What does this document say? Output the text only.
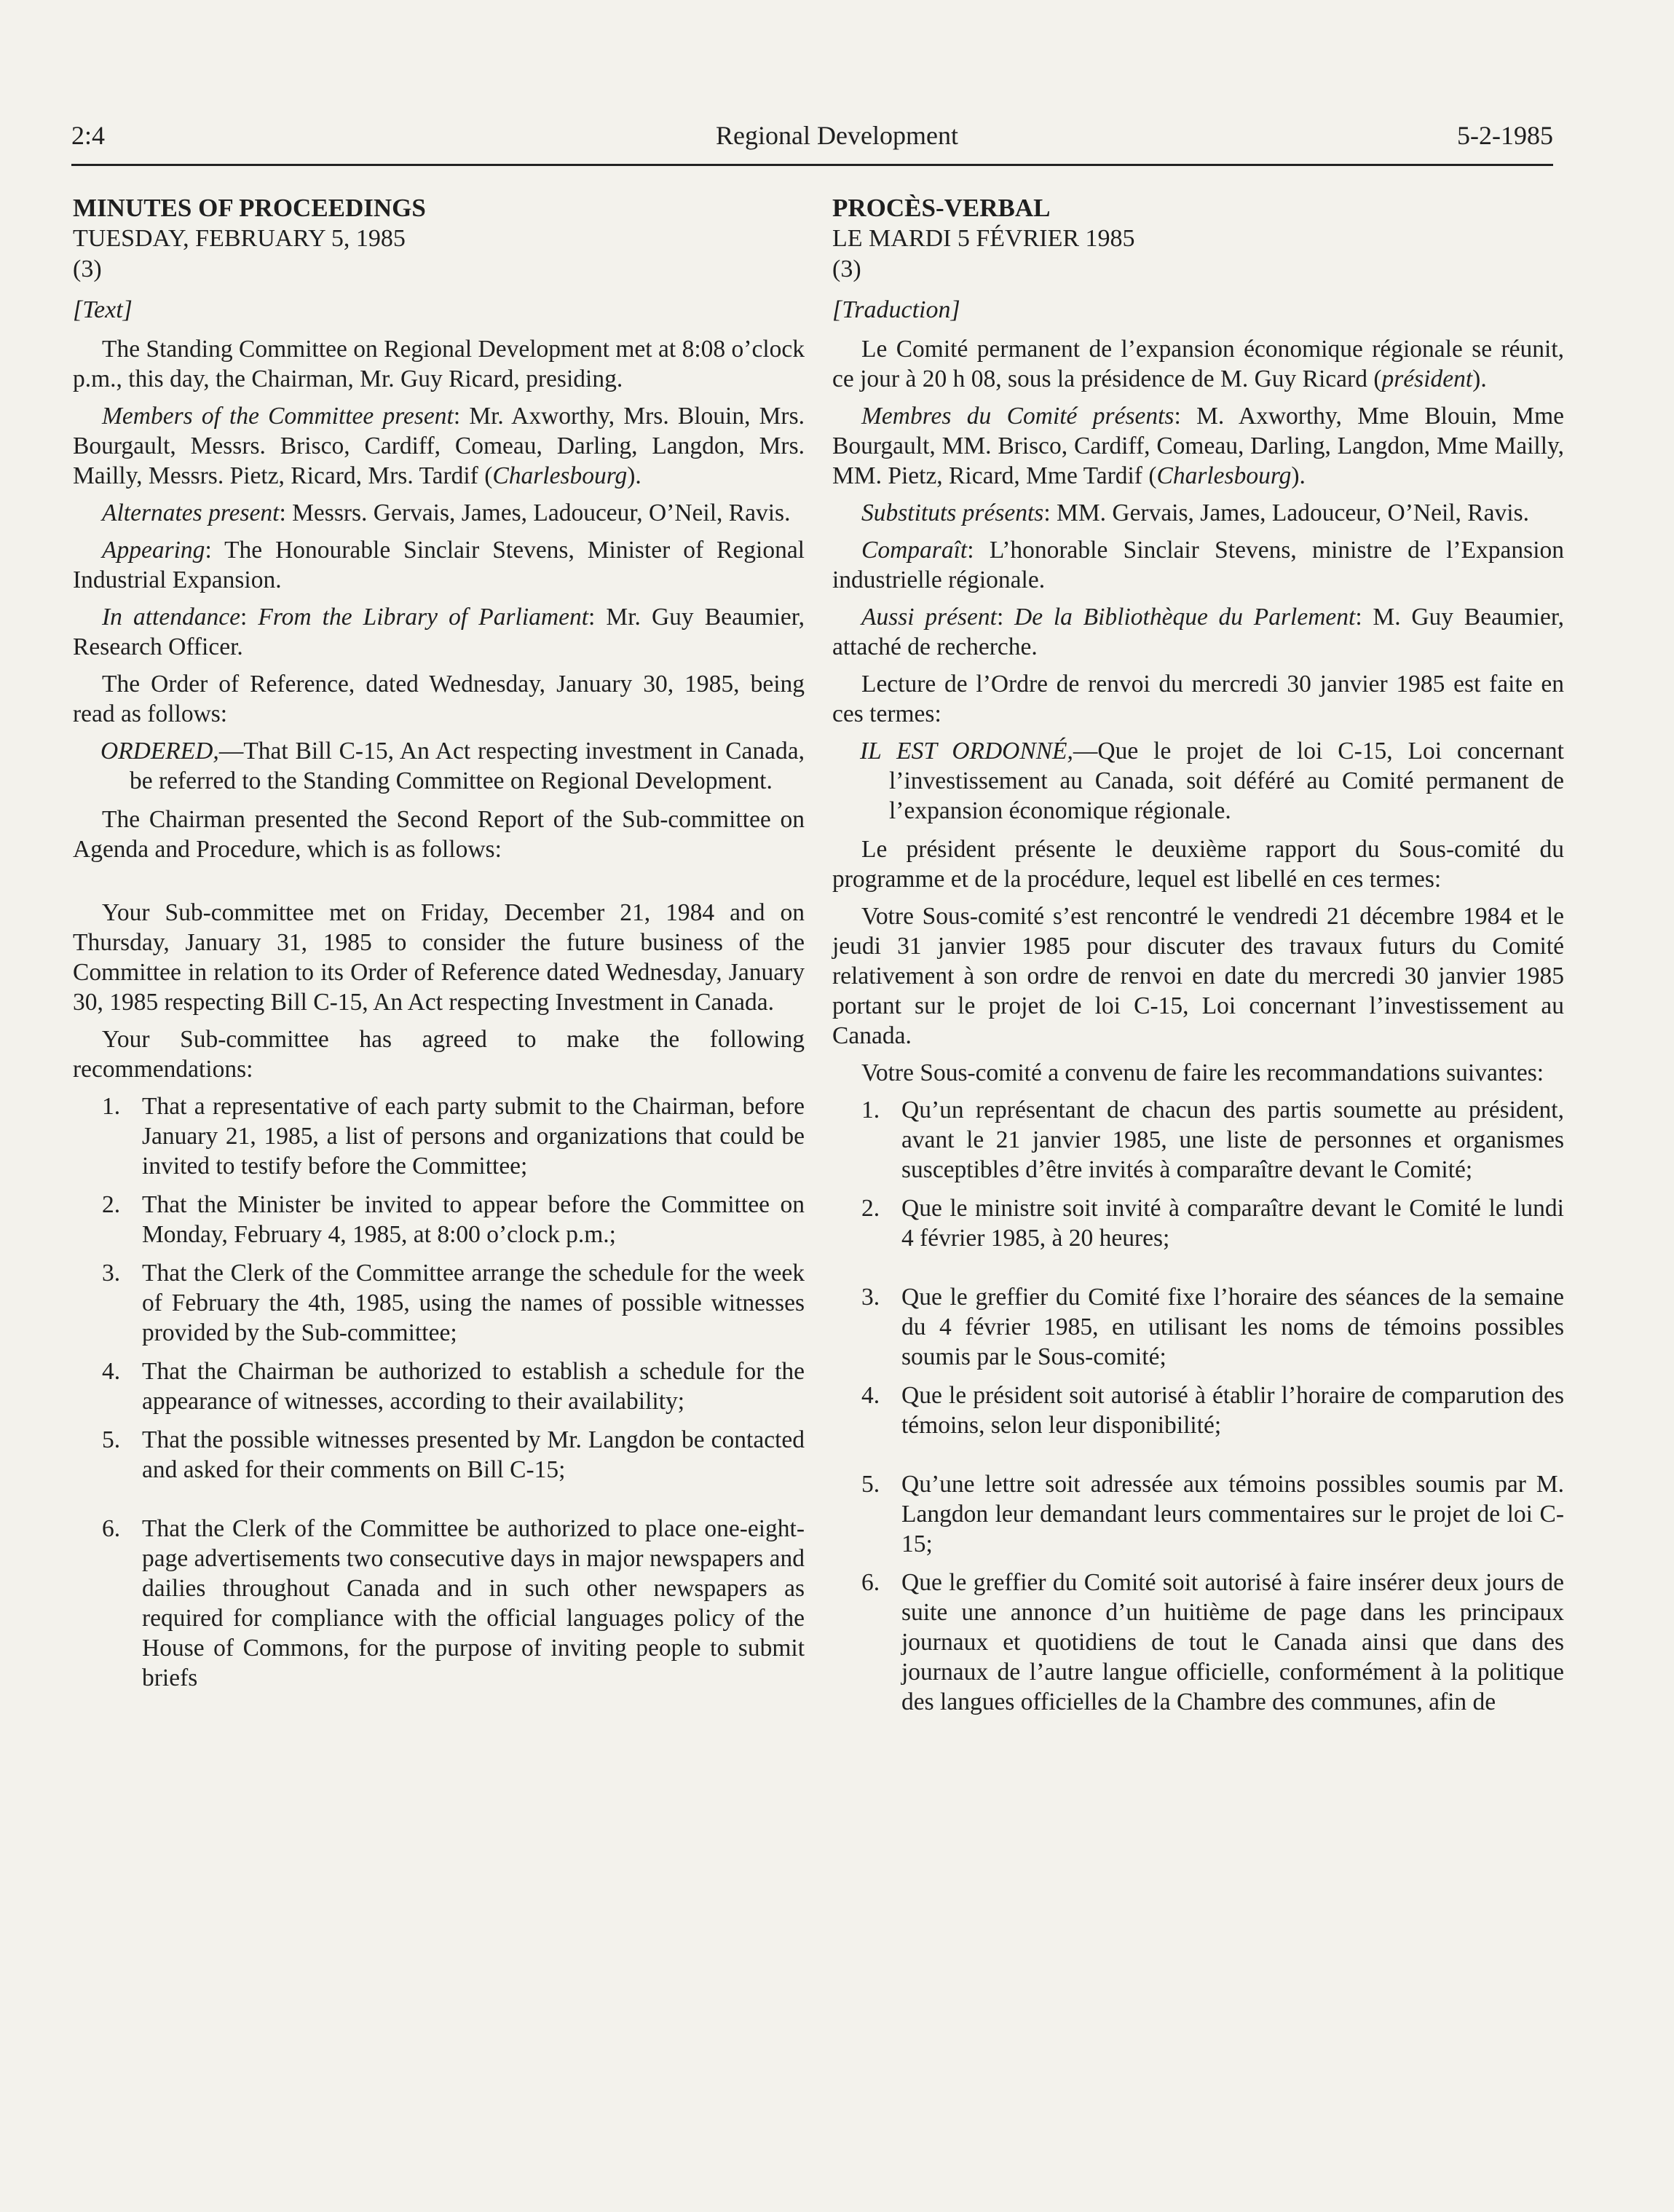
2:4	Regional Development	5-2-1985
MINUTES OF PROCEEDINGS
TUESDAY, FEBRUARY 5, 1985
(3)
[Text]

The Standing Committee on Regional Development met at 8:08 o’clock p.m., this day, the Chairman, Mr. Guy Ricard, presiding.

Members of the Committee present: Mr. Axworthy, Mrs. Blouin, Mrs. Bourgault, Messrs. Brisco, Cardiff, Comeau, Darling, Langdon, Mrs. Mailly, Messrs. Pietz, Ricard, Mrs. Tardif (Charlesbourg).

Alternates present: Messrs. Gervais, James, Ladouceur, O’Neil, Ravis.

Appearing: The Honourable Sinclair Stevens, Minister of Regional Industrial Expansion.

In attendance: From the Library of Parliament: Mr. Guy Beaumier, Research Officer.

The Order of Reference, dated Wednesday, January 30, 1985, being read as follows:

ORDERED,—That Bill C-15, An Act respecting investment in Canada, be referred to the Standing Committee on Regional Development.

The Chairman presented the Second Report of the Sub-committee on Agenda and Procedure, which is as follows:

Your Sub-committee met on Friday, December 21, 1984 and on Thursday, January 31, 1985 to consider the future business of the Committee in relation to its Order of Reference dated Wednesday, January 30, 1985 respecting Bill C-15, An Act respecting Investment in Canada.

Your Sub-committee has agreed to make the following recommendations:

1. That a representative of each party submit to the Chairman, before January 21, 1985, a list of persons and organizations that could be invited to testify before the Committee;
2. That the Minister be invited to appear before the Committee on Monday, February 4, 1985, at 8:00 o’clock p.m.;
3. That the Clerk of the Committee arrange the schedule for the week of February the 4th, 1985, using the names of possible witnesses provided by the Sub-committee;
4. That the Chairman be authorized to establish a schedule for the appearance of witnesses, according to their availability;
5. That the possible witnesses presented by Mr. Langdon be contacted and asked for their comments on Bill C-15;
6. That the Clerk of the Committee be authorized to place one-eight-page advertisements two consecutive days in major newspapers and dailies throughout Canada and in such other newspapers as required for compliance with the official languages policy of the House of Commons, for the purpose of inviting people to submit briefs
PROCÈS-VERBAL
LE MARDI 5 FÉVRIER 1985
(3)
[Traduction]

Le Comité permanent de l’expansion économique régionale se réunit, ce jour à 20 h 08, sous la présidence de M. Guy Ricard (président).

Membres du Comité présents: M. Axworthy, Mme Blouin, Mme Bourgault, MM. Brisco, Cardiff, Comeau, Darling, Langdon, Mme Mailly, MM. Pietz, Ricard, Mme Tardif (Charlesbourg).

Substituts présents: MM. Gervais, James, Ladouceur, O’Neil, Ravis.

Comparaît: L’honorable Sinclair Stevens, ministre de l’Expansion industrielle régionale.

Aussi présent: De la Bibliothèque du Parlement: M. Guy Beaumier, attaché de recherche.

Lecture de l’Ordre de renvoi du mercredi 30 janvier 1985 est faite en ces termes:

IL EST ORDONNÉ,—Que le projet de loi C-15, Loi concernant l’investissement au Canada, soit déféré au Comité permanent de l’expansion économique régionale.

Le président présente le deuxième rapport du Sous-comité du programme et de la procédure, lequel est libellé en ces termes:

Votre Sous-comité s’est rencontré le vendredi 21 décembre 1984 et le jeudi 31 janvier 1985 pour discuter des travaux futurs du Comité relativement à son ordre de renvoi en date du mercredi 30 janvier 1985 portant sur le projet de loi C-15, Loi concernant l’investissement au Canada.

Votre Sous-comité a convenu de faire les recommandations suivantes:

1. Qu’un représentant de chacun des partis soumette au président, avant le 21 janvier 1985, une liste de personnes et organismes susceptibles d’être invités à comparaître devant le Comité;
2. Que le ministre soit invité à comparaître devant le Comité le lundi 4 février 1985, à 20 heures;
3. Que le greffier du Comité fixe l’horaire des séances de la semaine du 4 février 1985, en utilisant les noms de témoins possibles soumis par le Sous-comité;
4. Que le président soit autorisé à établir l’horaire de comparution des témoins, selon leur disponibilité;
5. Qu’une lettre soit adressée aux témoins possibles soumis par M. Langdon leur demandant leurs commentaires sur le projet de loi C-15;
6. Que le greffier du Comité soit autorisé à faire insérer deux jours de suite une annonce d’un huitième de page dans les principaux journaux et quotidiens de tout le Canada ainsi que dans des journaux de l’autre langue officielle, conformément à la politique des langues officielles de la Chambre des communes, afin de
